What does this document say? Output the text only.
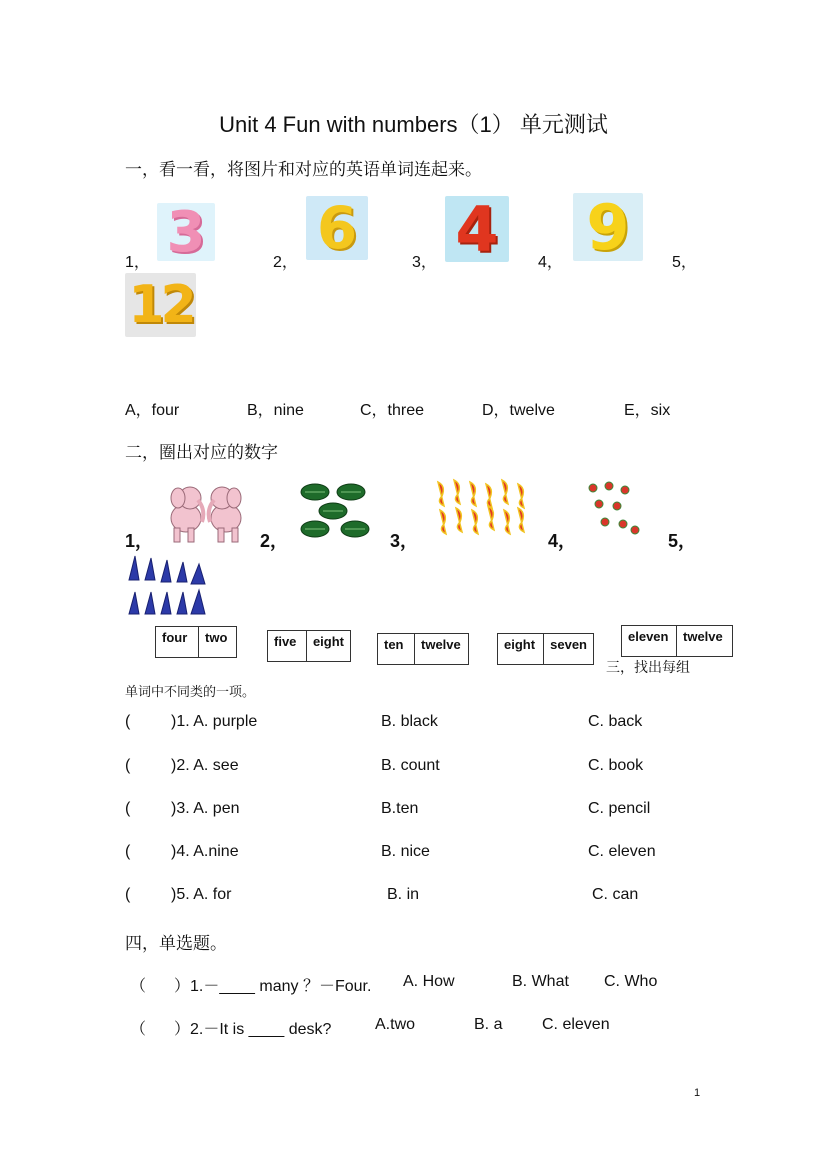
Unit 4 Fun with numbers（1） 单元测试
一，看一看，将图片和对应的英语单词连起来。
1， 3	2，
6
3， 4 4， 9	5，
12
A，four	B，nine	C，three	D，twelve	E，six
二，圈出对应的数字
1，	2，	3，	4，	5，
four	two	five	eight	ten	twelve	eight	seven
eleven	twelve
三，找出每组
单词中不同类的一项。
(	)1. A. purple	B. black	C. back
(	)2. A. see	B. count	C. book
(	)3. A. pen	B.ten	C. pencil
(	)4. A.nine	B. nice	C. eleven
(	)5. A. for	B. in	C. can
四，单选题。
（ ）1.－____ many ？－Four. A. How	B. What C. Who
（ ）2.－It is ____ desk?	A.two	B. a C. eleven
1
